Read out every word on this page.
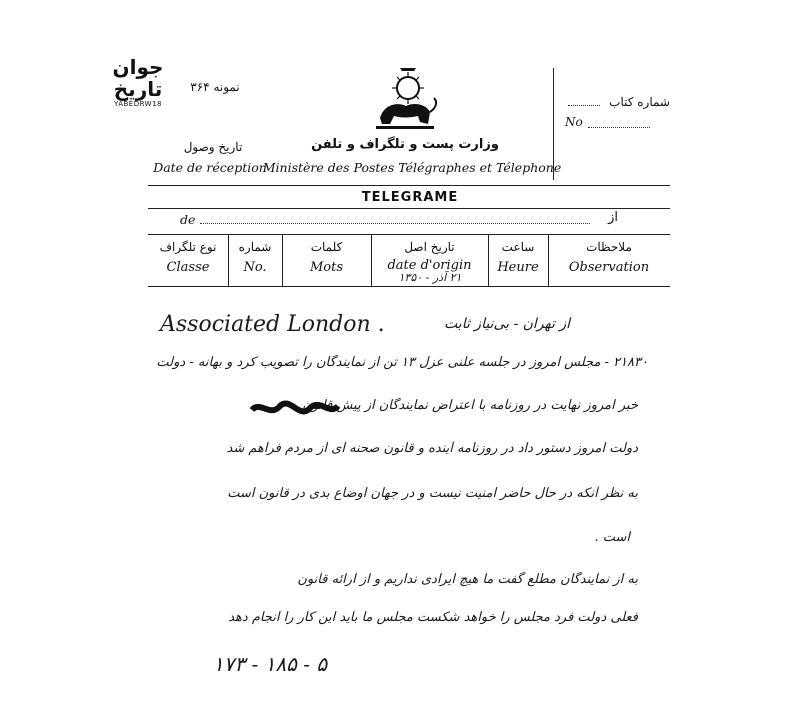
جوان تاریخ
YABEDRW18
نمونه ۳۶۴
وزارت پست و تلگراف و تلفن
Ministère des Postes Télégraphes et Télephone
تاریخ وصول
Date de réception
شماره کتاب
No
TELEGRAME
de	از
نوع تلگراف
Classe
شماره
No.
کلمات
Mots
تاریخ اصل
date d'origin
ساعت
Heure
ملاحظات
Observation
۲۱ آذر - ۱۳۵۰
Associated London .	از تهران - بی‌نیاز ثابت
۲۱۸۳۰ - مجلس امروز در جلسه علنی عزل ۱۳ تن از نمایندگان را تصویب کرد و بهانه - دولت
خبر امروز نهایت در روزنامه با اعتراض نمایندگان از پیش قانون
دولت امروز دستور داد در روزنامه آینده و قانون صحنه ای از مردم فراهم شد
به نظر آنکه در حال حاضر امنیت نیست و در جهان اوضاع بدی در قانون است
است .
به از نمایندگان مطلع گفت ما هیچ ایرادی نداریم و از ارائه قانون
فعلی دولت فرد مجلس را خواهد شکست مجلس ما باید این کار را انجام دهد
۵ - ۱۸۵ - ۱۷۳
